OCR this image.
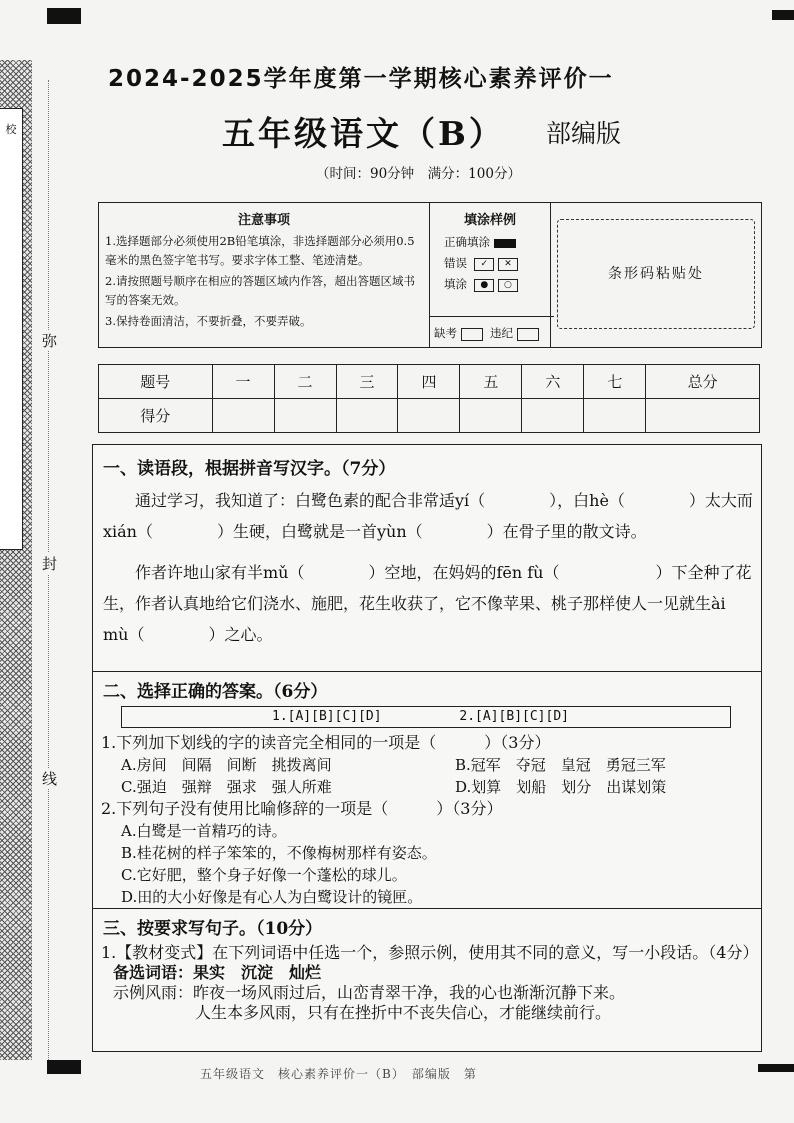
校
弥
封
线
2024-2025学年度第一学期核心素养评价一
五年级语文（B） 部编版
（时间：90分钟　满分：100分）
注意事项
1.选择题部分必须使用2B铅笔填涂，非选择题部分必须用0.5毫米的黑色签字笔书写。要求字体工整、笔迹清楚。
2.请按照题号顺序在相应的答题区域内作答，超出答题区域书写的答案无效。
3.保持卷面清洁，不要折叠，不要弄破。
填涂样例
正确填涂
错误 ✓ ✕
填涂 ● ○
缺考	违纪
条形码粘贴处
题号	一	二	三	四	五	六	七	总分
得分								
一、读语段，根据拼音写汉字。（7分）
通过学习，我知道了：白鹭色素的配合非常适yí（　　　　），白hè（　　　　）太大而xián（　　　　）生硬，白鹭就是一首yùn（　　　　）在骨子里的散文诗。
作者许地山家有半mǔ（　　　　）空地，在妈妈的fēn fù（　　　　　　）下全种了花生，作者认真地给它们浇水、施肥，花生收获了，它不像苹果、桃子那样使人一见就生ài mù（　　　　）之心。
二、选择正确的答案。（6分）
1.[A][B][C][D]	2.[A][B][C][D]
1.下列加下划线的字的读音完全相同的一项是（　　　）（3分）
A.房间　间隔　间断　挑拨离间	B.冠军　夺冠　皇冠　勇冠三军
C.强迫　强辩　强求　强人所难	D.划算　划船　划分　出谋划策
2.下列句子没有使用比喻修辞的一项是（　　　）（3分）
A.白鹭是一首精巧的诗。
B.桂花树的样子笨笨的，不像梅树那样有姿态。
C.它好肥，整个身子好像一个蓬松的球儿。
D.田的大小好像是有心人为白鹭设计的镜匣。
三、按要求写句子。（10分）
1.【教材变式】在下列词语中任选一个，参照示例，使用其不同的意义，写一小段话。（4分）
备选词语：果实　沉淀　灿烂
示例风雨：昨夜一场风雨过后，山峦青翠干净，我的心也渐渐沉静下来。
人生本多风雨，只有在挫折中不丧失信心，才能继续前行。
五年级语文　核心素养评价一（B）　部编版　第
